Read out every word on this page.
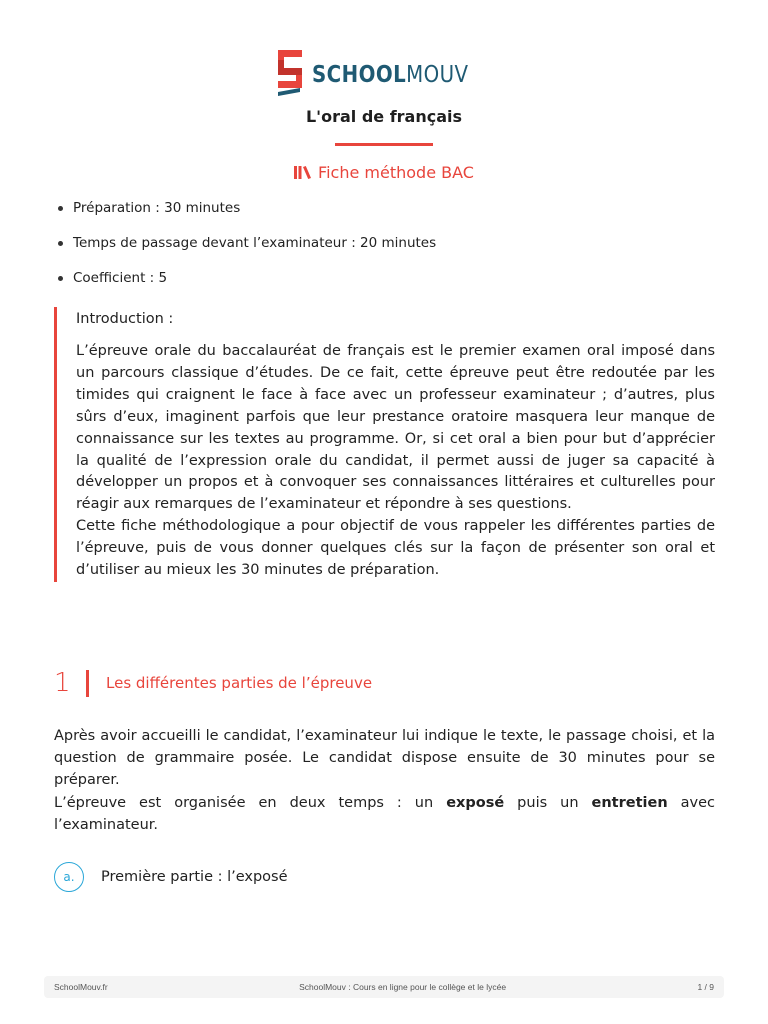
SCHOOLMOUV
L'oral de français
Fiche méthode BAC
Préparation : 30 minutes
Temps de passage devant l’examinateur : 20 minutes
Coefficient : 5
Introduction :

L’épreuve orale du baccalauréat de français est le premier examen oral imposé dans un parcours classique d’études. De ce fait, cette épreuve peut être redoutée par les timides qui craignent le face à face avec un professeur examinateur ; d’autres, plus sûrs d’eux, imaginent parfois que leur prestance oratoire masquera leur manque de connaissance sur les textes au programme. Or, si cet oral a bien pour but d’apprécier la qualité de l’expression orale du candidat, il permet aussi de juger sa capacité à développer un propos et à convoquer ses connaissances littéraires et culturelles pour réagir aux remarques de l’examinateur et répondre à ses questions.

Cette fiche méthodologique a pour objectif de vous rappeler les différentes parties de l’épreuve, puis de vous donner quelques clés sur la façon de présenter son oral et d’utiliser au mieux les 30 minutes de préparation.

1	Les différentes parties de l’épreuve

Après avoir accueilli le candidat, l’examinateur lui indique le texte, le passage choisi, et la question de grammaire posée. Le candidat dispose ensuite de 30 minutes pour se préparer.

L’épreuve est organisée en deux temps : un exposé puis un entretien avec l’examinateur.

a.	Première partie : l’exposé
SchoolMouv.fr	SchoolMouv : Cours en ligne pour le collège et le lycée	1 / 9
